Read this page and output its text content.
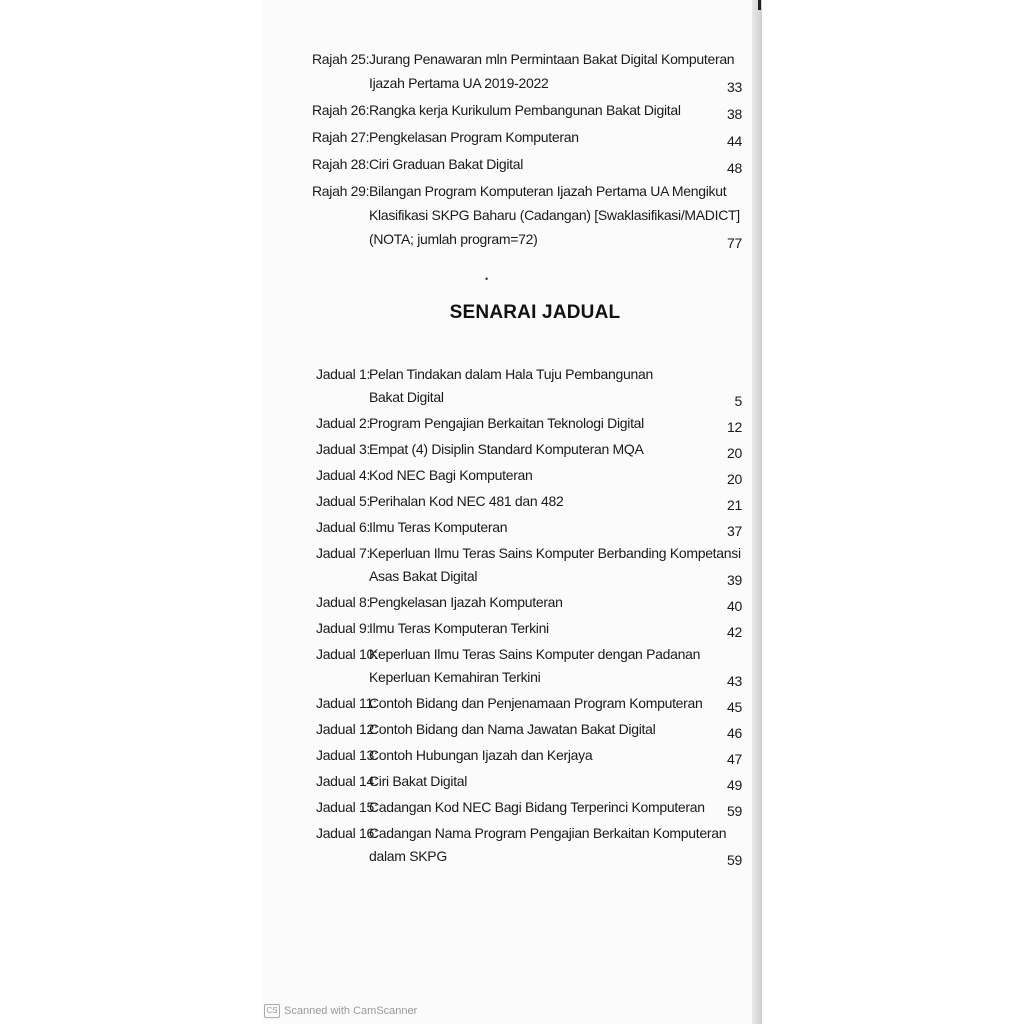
•
SENARAI JADUAL
Rajah 25: Jurang Penawaran mln Permintaan Bakat Digital Komputeran
Ijazah Pertama UA 2019-2022	33
Rajah 26: Rangka kerja Kurikulum Pembangunan Bakat Digital	38
Rajah 27: Pengkelasan Program Komputeran	44
Rajah 28: Ciri Graduan Bakat Digital	48
Rajah 29: Bilangan Program Komputeran Ijazah Pertama UA Mengikut
Klasifikasi SKPG Baharu (Cadangan) [Swaklasifikasi/MADICT]
(NOTA; jumlah program=72)	77
Jadual 1:
Pelan Tindakan dalam Hala Tuju Pembangunan
Bakat Digital	5
Jadual 2:
Program Pengajian Berkaitan Teknologi Digital	12
Jadual 3:
Empat (4) Disiplin Standard Komputeran MQA	20
Jadual 4:
Kod NEC Bagi Komputeran	20
Jadual 5:
Perihalan Kod NEC 481 dan 482	21
Jadual 6:
Ilmu Teras Komputeran	37
Jadual 7:
Keperluan Ilmu Teras Sains Komputer Berbanding Kompetansi
Asas Bakat Digital	39
Jadual 8:
Pengkelasan Ijazah Komputeran	40
Jadual 9:
Ilmu Teras Komputeran Terkini	42
Jadual 10:
Keperluan Ilmu Teras Sains Komputer dengan Padanan
Keperluan Kemahiran Terkini	43
Jadual 11:
Contoh Bidang dan Penjenamaan Program Komputeran	45
Jadual 12:
Contoh Bidang dan Nama Jawatan Bakat Digital	46
Jadual 13:
Contoh Hubungan Ijazah dan Kerjaya	47
Jadual 14:
Ciri Bakat Digital	49
Jadual 15:
Cadangan Kod NEC Bagi Bidang Terperinci Komputeran	59
Jadual 16:
Cadangan Nama Program Pengajian Berkaitan Komputeran
dalam SKPG	59
CS Scanned with CamScanner
